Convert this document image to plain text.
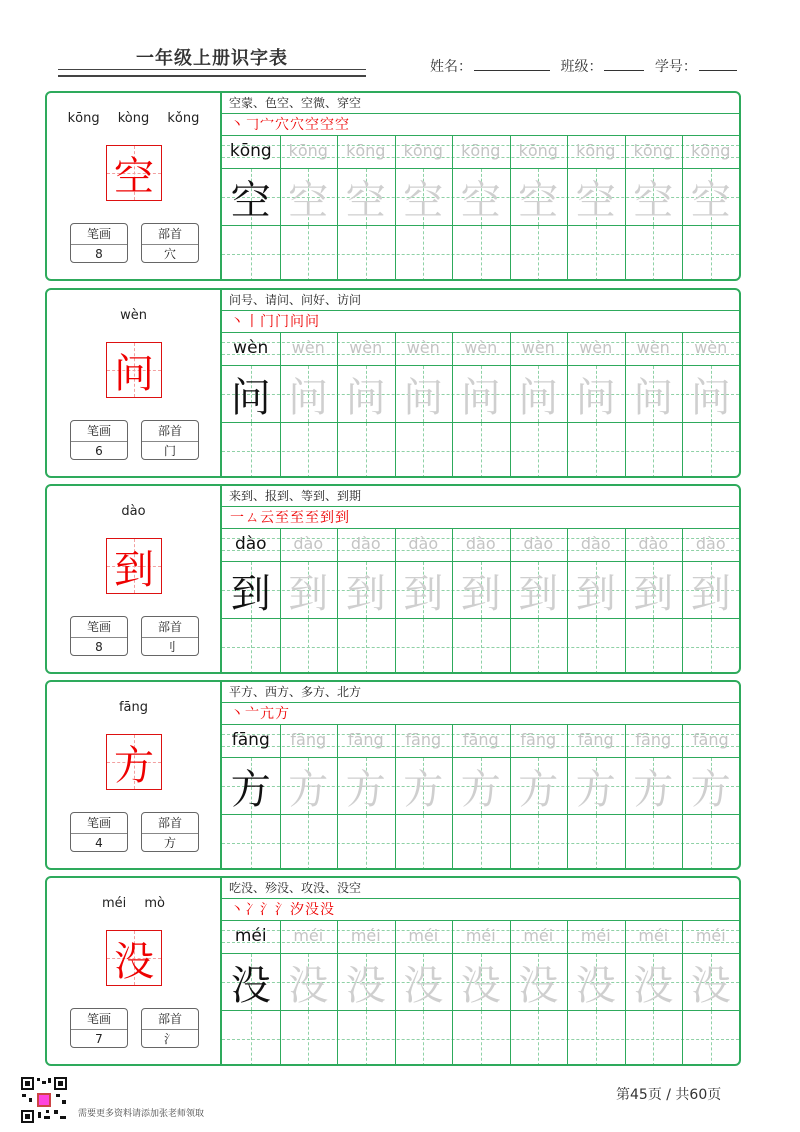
一年级上册识字表	姓名：	班级：	学号：
kōng kòng kǒng
空
笔画
8
部首
穴
空蒙、色空、空微、穿空
丶𠃌宀穴穴空空空
kōng	kōng	kōng	kōng	kōng	kōng	kōng	kōng	kōng
空 空 空 空 空 空 空 空 空
wèn
问
笔画
6
部首
门
问号、请问、问好、访问
丶丨门门问问
wèn	wèn	wèn	wèn	wèn	wèn	wèn	wèn	wèn
问 问 问 问 问 问 问 问 问
dào
到
笔画
8
部首
刂
来到、报到、等到、到期
一ㄙ云至至至到到
dào	dào	dào	dào	dào	dào	dào	dào	dào
到 到 到 到 到 到 到 到 到
fāng
方
笔画
4
部首
方
平方、西方、多方、北方
丶亠亢方
fāng	fāng	fāng	fāng	fāng	fāng	fāng	fāng	fāng
方 方 方 方 方 方 方 方 方
méi mò
没
笔画
7
部首
氵
吃没、殄没、攻没、没空
丶冫氵氵汐没没
méi	méi	méi	méi	méi	méi	méi	méi	méi
没 没 没 没 没 没 没 没 没
需要更多资料请添加张老师领取
第45页 / 共60页
